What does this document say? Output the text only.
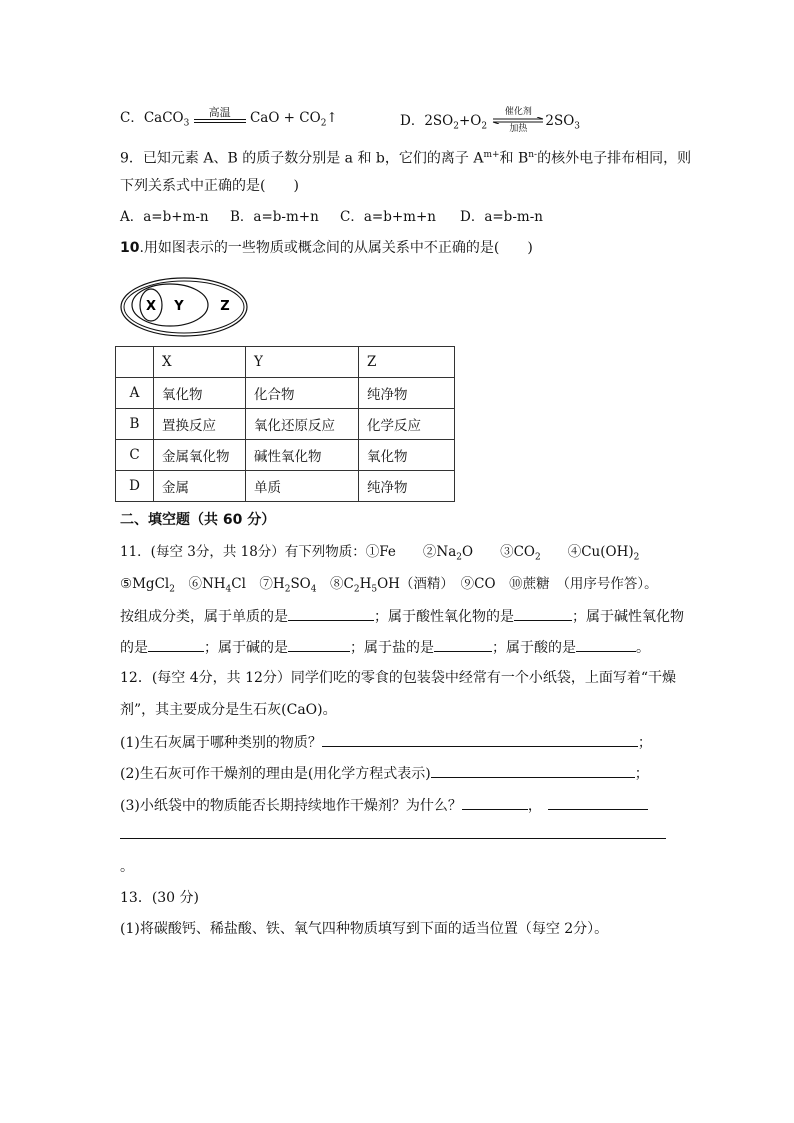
C．CaCO$_3$
高温	CaO + $CO_2↑$	D．$2SO_2+O_2$
催化剂
加热	$2SO_3$
9．已知元素 A、B 的质子数分别是 a 和 b，它们的离子 $A^{m+}$和 $B^{n-}$的核外电子排布相同，则
下列关系式中正确的是(　　)
A．a=b+m-n B．a=b-m+n C．a=b+m+n D．a=b-m-n
10.用如图表示的一些物质或概念间的从属关系中不正确的是(　　)
X Y	Z
	X	Y	Z
A	氧化物	化合物	纯净物
B	置换反应	氧化还原反应	化学反应
C	金属氧化物	碱性氧化物	氧化物
D	金属	单质	纯净物
二、填空题（共 60 分）
11．(每空 3分，共 18分）有下列物质：①Fe　　$②Na_2O$　　$③CO_2$　　$④Cu(OH)_2$
⑤MgCl$_2$　$⑥NH_4Cl$　$⑦H_2SO_4$　$⑧C_2H_5OH$（酒精）　⑨CO　⑩蔗糖　（用序号作答）。
按组成分类，属于单质的是	；属于酸性氧化物的是	；属于碱性氧化物
的是	；属于碱的是	；属于盐的是	；属于酸的是	。
12．(每空 4分，共 12分）同学们吃的零食的包装袋中经常有一个小纸袋，上面写着“干燥
剂”，其主要成分是生石灰(CaO)。
(1)生石灰属于哪种类别的物质？	；
(2)生石灰可作干燥剂的理由是(用化学方程式表示)	；
(3)小纸袋中的物质能否长期持续地作干燥剂？为什么？	，
。
13．(30 分)
(1)将碳酸钙、稀盐酸、铁、氧气四种物质填写到下面的适当位置（每空 2分）。
